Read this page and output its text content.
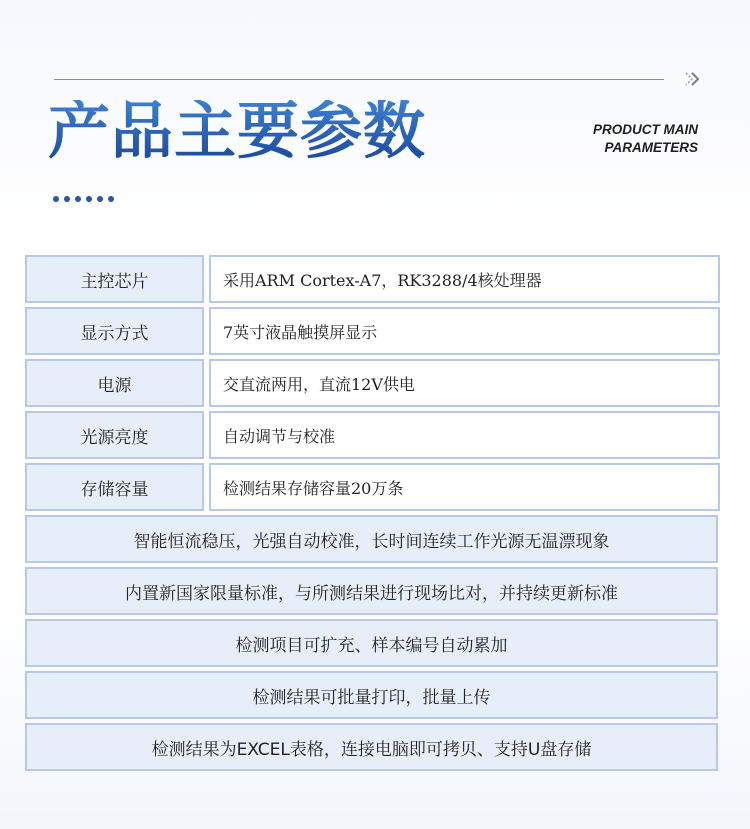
产品主要参数	PRODUCT MAIN
PARAMETERS
主控芯片	采用ARM Cortex-A7，RK3288/4核处理器
显示方式	7英寸液晶触摸屏显示
电源	交直流两用，直流12V供电
光源亮度	自动调节与校准
存储容量	检测结果存储容量20万条
智能恒流稳压，光强自动校准，长时间连续工作光源无温漂现象
内置新国家限量标准，与所测结果进行现场比对，并持续更新标准
检测项目可扩充、样本编号自动累加
检测结果可批量打印，批量上传
检测结果为EXCEL表格，连接电脑即可拷贝、支持U盘存储
